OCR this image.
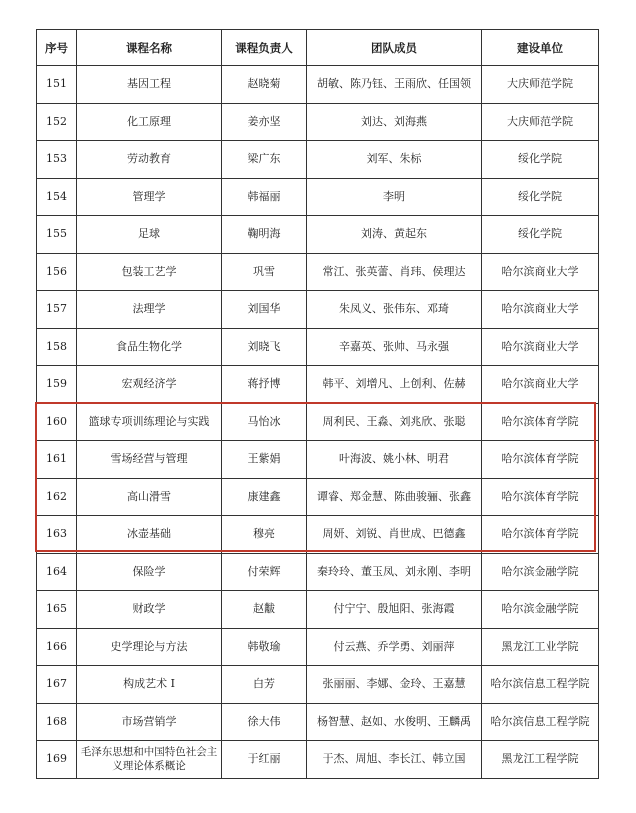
序号	课程名称	课程负责人	团队成员	建设单位
151	基因工程	赵晓菊	胡敏、陈乃钰、王雨欣、任国领	大庆师范学院
152	化工原理	姜亦坚	刘达、刘海燕	大庆师范学院
153	劳动教育	梁广东	刘军、朱标	绥化学院
154	管理学	韩福丽	李明	绥化学院
155	足球	鞠明海	刘涛、黄起东	绥化学院
156	包装工艺学	巩雪	常江、张英蕾、肖玮、侯理达	哈尔滨商业大学
157	法理学	刘国华	朱凤义、张伟东、邓琦	哈尔滨商业大学
158	食品生物化学	刘晓飞	辛嘉英、张帅、马永强	哈尔滨商业大学
159	宏观经济学	蒋抒博	韩平、刘增凡、上创利、佐赫	哈尔滨商业大学
160	篮球专项训练理论与实践	马怡冰	周利民、王淼、刘兆欣、张聪	哈尔滨体育学院
161	雪场经营与管理	王紫娟	叶海波、姚小林、明君	哈尔滨体育学院
162	高山滑雪	康建鑫	谭睿、郑金慧、陈曲骏骊、张鑫	哈尔滨体育学院
163	冰壶基础	穆亮	周妍、刘锐、肖世成、巴德鑫	哈尔滨体育学院
164	保险学	付荣辉	秦玲玲、董玉凤、刘永刚、李明	哈尔滨金融学院
165	财政学	赵黻	付宁宁、殷旭阳、张海霞	哈尔滨金融学院
166	史学理论与方法	韩敬瑜	付云燕、乔学勇、刘丽萍	黑龙江工业学院
167	构成艺术 I	白芳	张丽丽、李娜、金玲、王嘉慧	哈尔滨信息工程学院
168	市场营销学	徐大伟	杨智慧、赵如、水俊明、王麟禹	哈尔滨信息工程学院
169	毛泽东思想和中国特色社会主义理论体系概论	于红丽	于杰、周旭、李长江、韩立国	黑龙江工程学院
